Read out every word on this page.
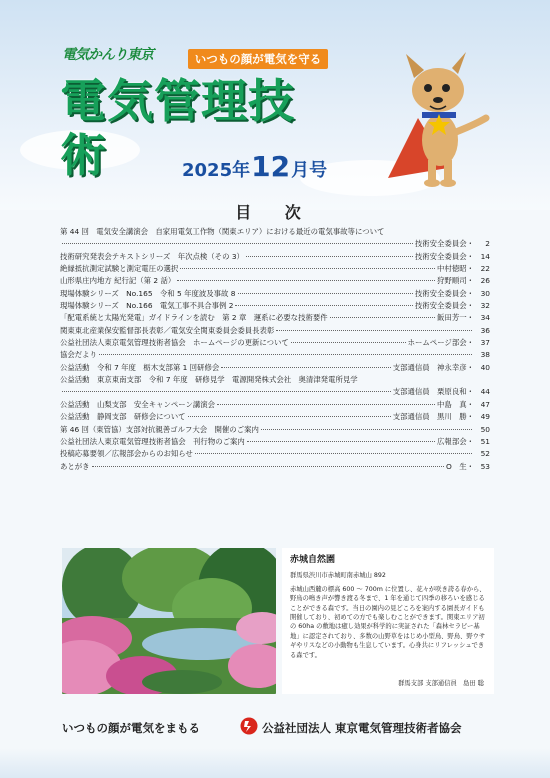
電気かんり東京	いつもの顔が電気を守る
電気管理技術	2025年 12 月号
目 次
第 44 回　電気安全講演会　自家用電気工作物（関東エリア）における最近の電気事故等について
技術安全委員会・	2
技術研究発表会テキストシリーズ　年次点検（その 3）	技術安全委員会・ 14
絶縁抵抗測定試験と測定電圧の選択	中村徳昭・ 22
山形県庄内地方 紀行記（第 2 話）	狩野順司・ 26
現場体験シリーズ　No.165　令和 5 年度波及事故 8	技術安全委員会・ 30
現場体験シリーズ　No.166　電気工事不具合事例 2	技術安全委員会・ 32
「配電系統と太陽光発電」ガイドラインを読む　第 2 章　運系に必要な技術要件	飯田芳一・ 34
関東東北産業保安監督部長表彰／電気安全関東委員会委員長表彰	36
公益社団法人東京電気管理技術者協会　ホームページの更新について	ホームページ部会・ 37
協会だより	38
公益活動　令和 7 年度　栃木支部第 1 回研修会	支部通信員　神永幸彦・ 40
公益活動　東京東南支部　令和 7 年度　研修見学　電源開発株式会社　奥清津発電所見学
支部通信員　栗原良和・ 44
公益活動　山梨支部　安全キャンペーン講演会	中島　真・ 47
公益活動　静岡支部　研修会について	支部通信員　黒川　勝・ 49
第 46 回（東管協）支部対抗親善ゴルフ大会　開催のご案内	50
公益社団法人東京電気管理技術者協会　刊行物のご案内	広報部会・ 51
投稿応募要領／広報部会からのお知らせ	52
あとがき	O　生・ 53
赤城自然園
群馬県渋川市赤城町南赤城山 892
赤城山西麓の標高 600 ～ 700m に位置し、花々が咲き誇る春から、野鳥の鳴き声が響き渡る冬まで、1 年を通じて四季の移ろいを感じることができる森です。当日の園内の見どころを案内する園長ガイドも開催しており、初めての方でも楽しむことができます。関東エリア初の 60ha の敷地は癒し効果が科学的に実証された「森林セラピー基地」に認定されており、多数の山野草をはじめ小型鳥、野鳥、野ウサギやリスなどの小動物も生息しています。心身共にリフレッシュできる森です。
群馬支部 支部通信員　島田 聡
いつもの顔が電気をまもる	公益社団法人 東京電気管理技術者協会
